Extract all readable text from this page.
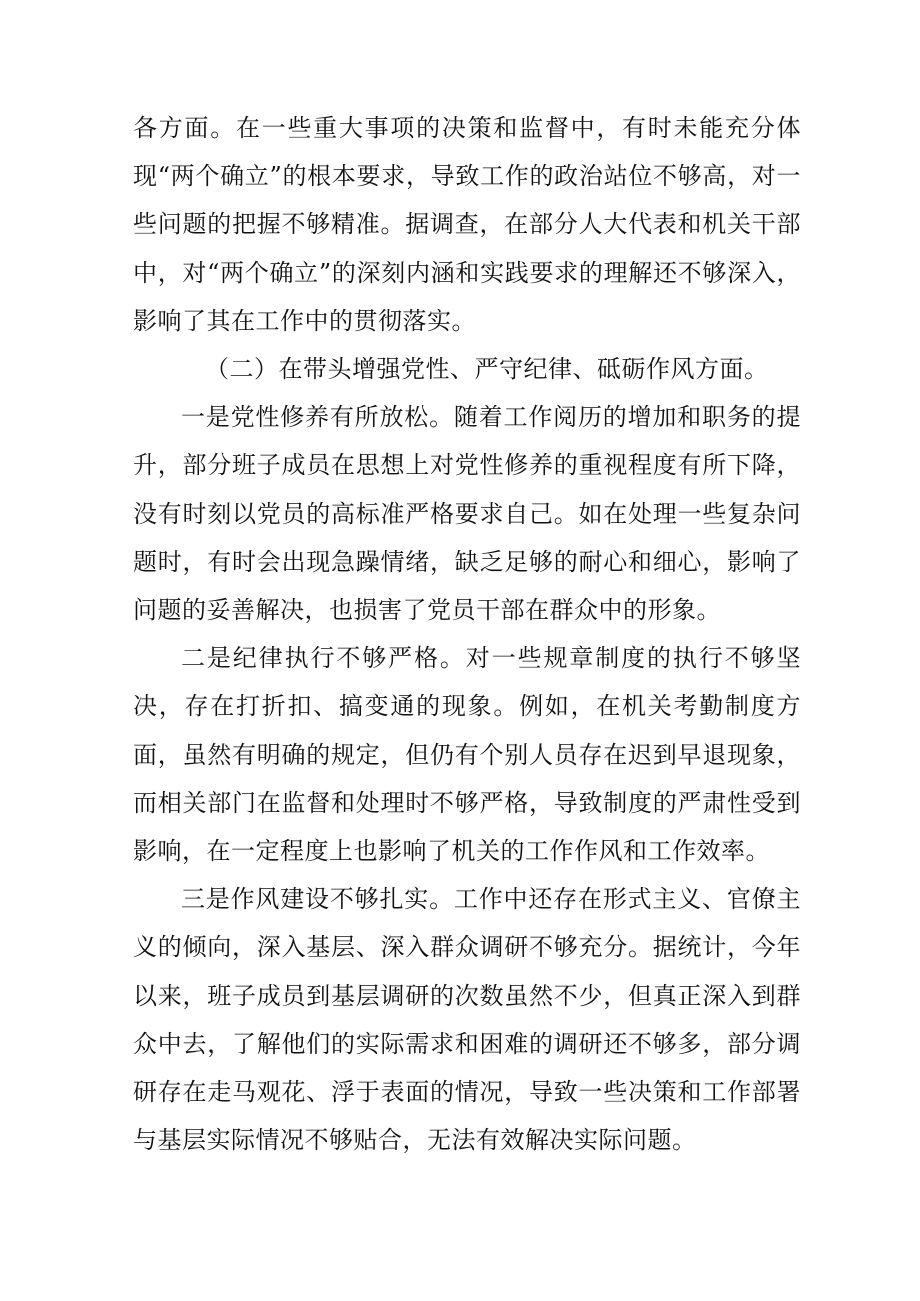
各方面。在一些重大事项的决策和监督中，有时未能充分体现“两个确立”的根本要求，导致工作的政治站位不够高，对一些问题的把握不够精准。据调查，在部分人大代表和机关干部中，对“两个确立”的深刻内涵和实践要求的理解还不够深入，影响了其在工作中的贯彻落实。

（二）在带头增强党性、严守纪律、砥砺作风方面。

一是党性修养有所放松。随着工作阅历的增加和职务的提升，部分班子成员在思想上对党性修养的重视程度有所下降，没有时刻以党员的高标准严格要求自己。如在处理一些复杂问题时，有时会出现急躁情绪，缺乏足够的耐心和细心，影响了问题的妥善解决，也损害了党员干部在群众中的形象。

二是纪律执行不够严格。对一些规章制度的执行不够坚决，存在打折扣、搞变通的现象。例如，在机关考勤制度方面，虽然有明确的规定，但仍有个别人员存在迟到早退现象，而相关部门在监督和处理时不够严格，导致制度的严肃性受到影响，在一定程度上也影响了机关的工作作风和工作效率。

三是作风建设不够扎实。工作中还存在形式主义、官僚主义的倾向，深入基层、深入群众调研不够充分。据统计，今年以来，班子成员到基层调研的次数虽然不少，但真正深入到群众中去，了解他们的实际需求和困难的调研还不够多，部分调研存在走马观花、浮于表面的情况，导致一些决策和工作部署与基层实际情况不够贴合，无法有效解决实际问题。
